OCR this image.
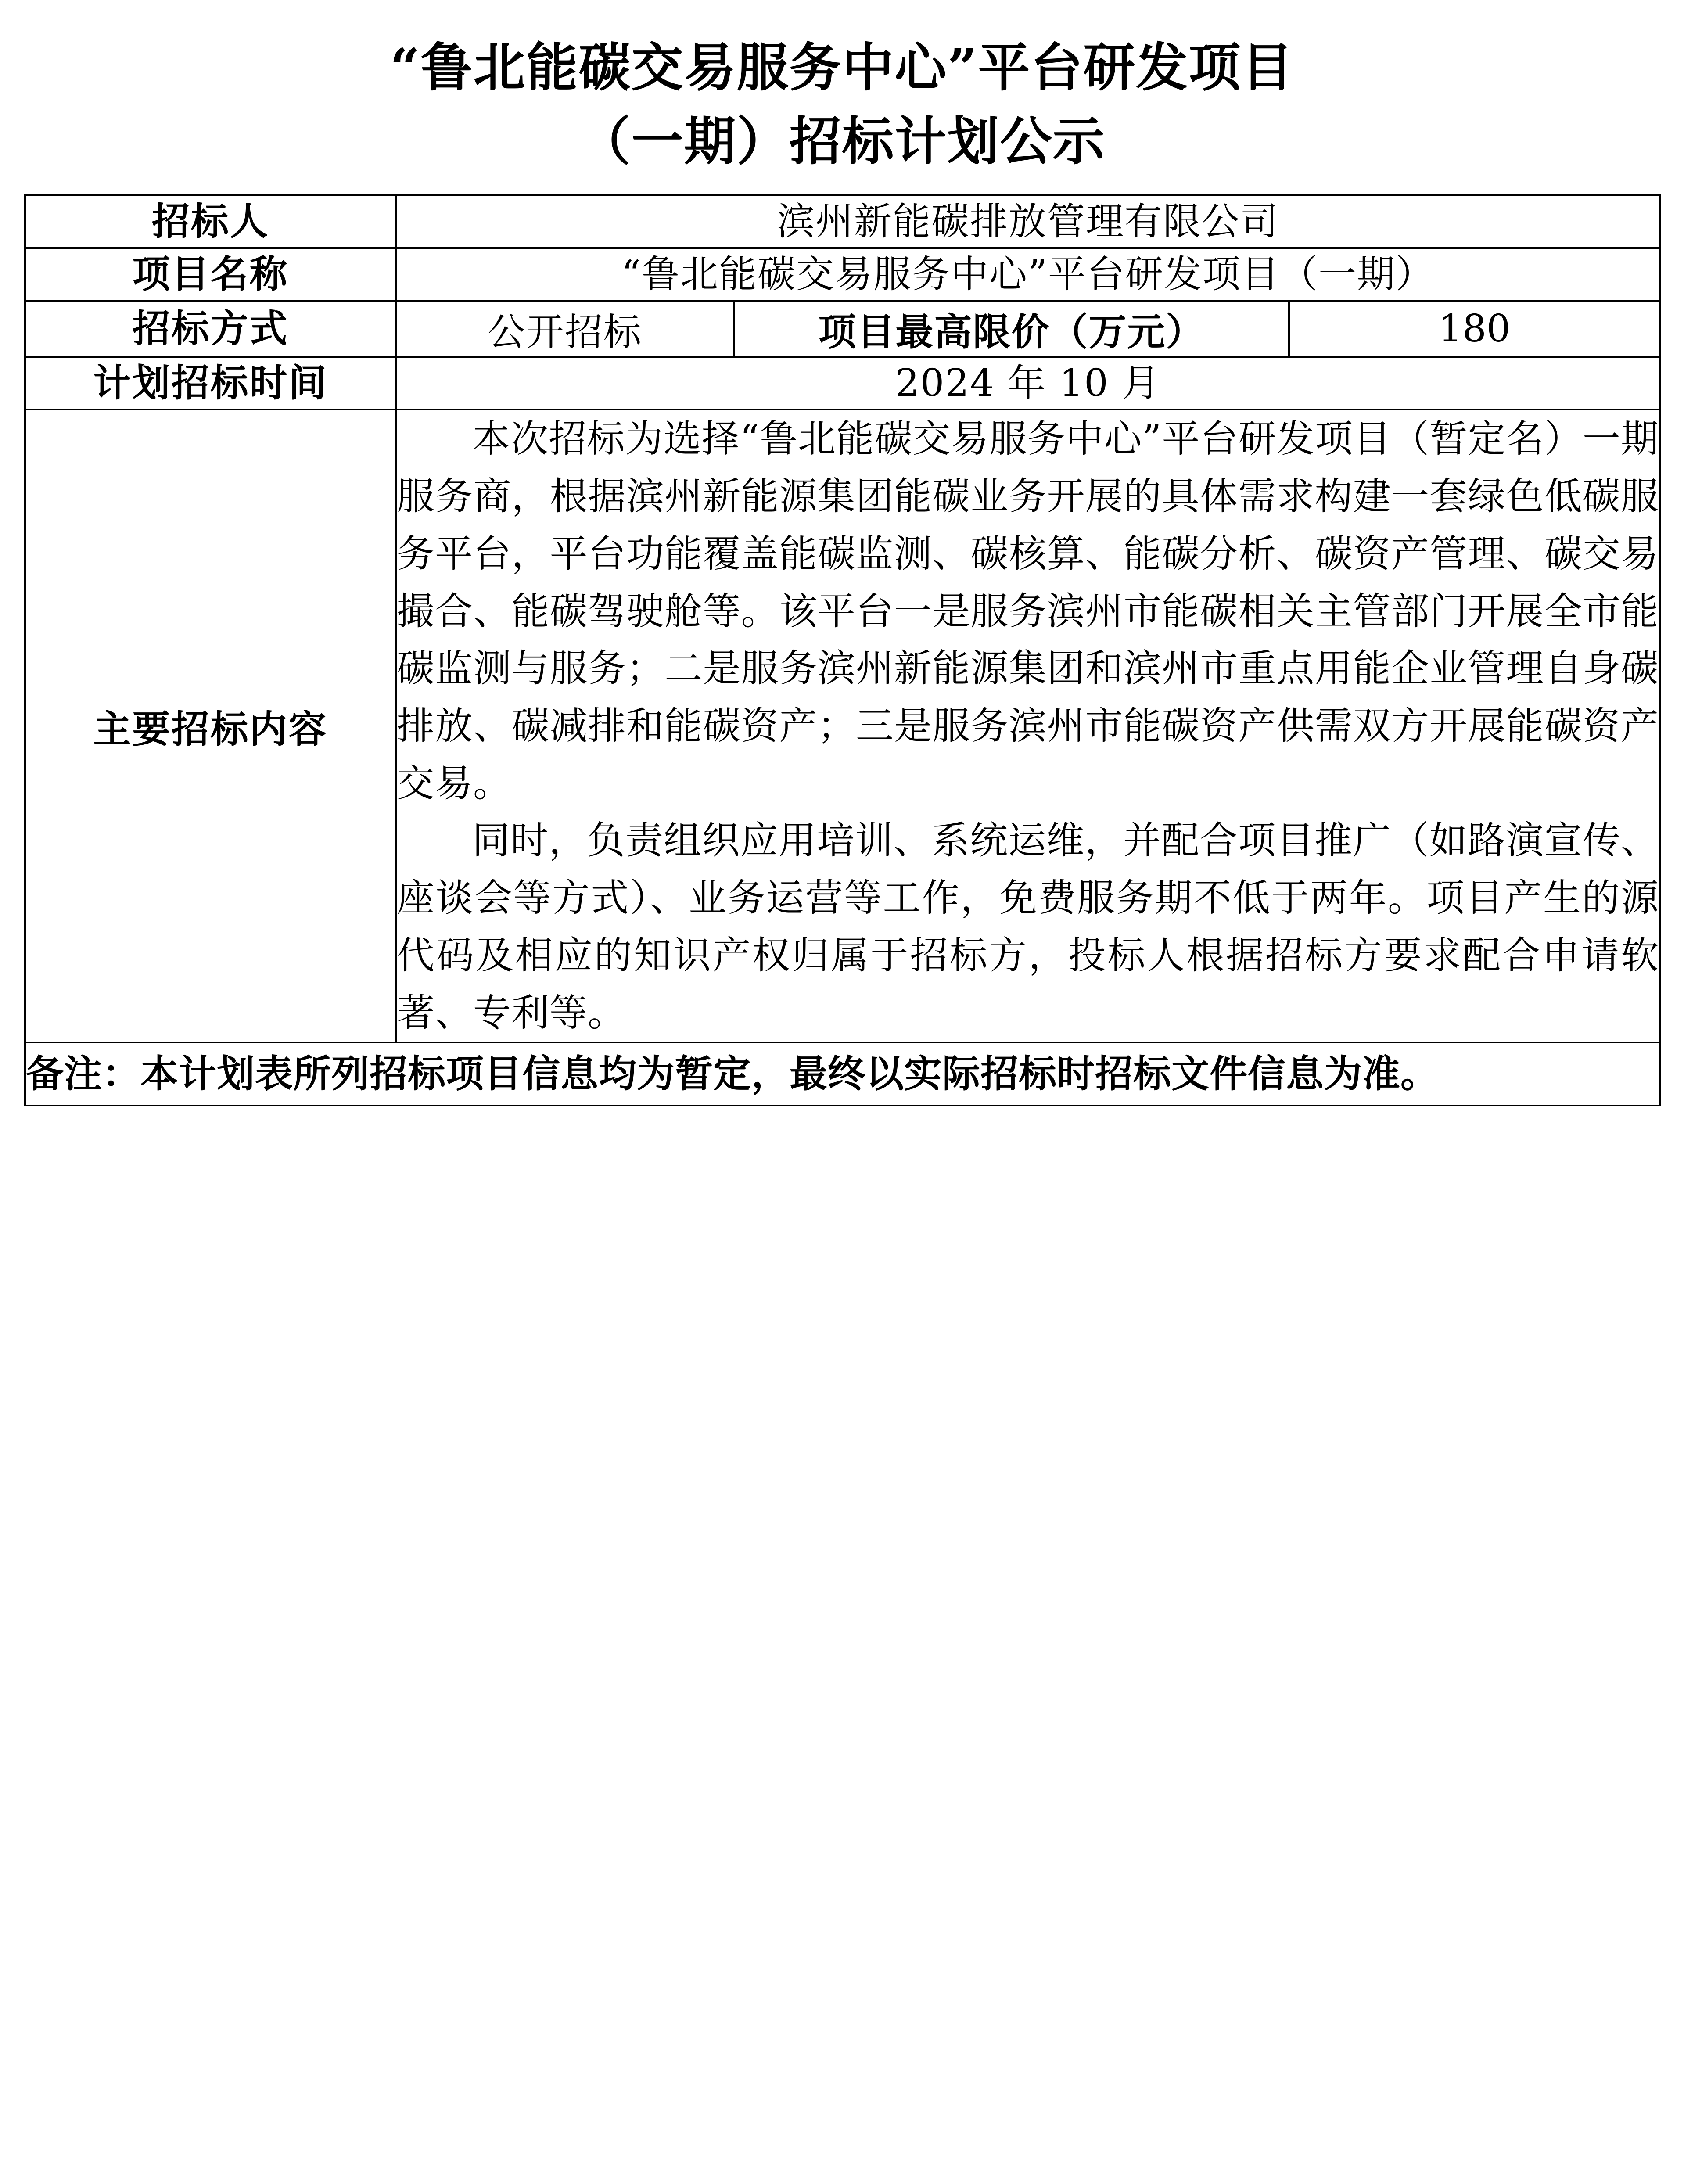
“鲁北能碳交易服务中心”平台研发项目
（一期）招标计划公示
招标人	滨州新能碳排放管理有限公司		
项目名称	“鲁北能碳交易服务中心”平台研发项目（一期）		
招标方式	公开招标	项目最高限价（万元）	180
计划招标时间	2024 年 10 月		
主要招标内容	本次招标为选择“鲁北能碳交易服务中心”平台研发项目（暂定名）一期服务商，根据滨州新能源集团能碳业务开展的具体需求构建一套绿色低碳服务平台，平台功能覆盖能碳监测、碳核算、能碳分析、碳资产管理、碳交易撮合、能碳驾驶舱等。该平台一是服务滨州市能碳相关主管部门开展全市能碳监测与服务；二是服务滨州新能源集团和滨州市重点用能企业管理自身碳排放、碳减排和能碳资产；三是服务滨州市能碳资产供需双方开展能碳资产交易。

同时，负责组织应用培训、系统运维，并配合项目推广（如路演宣传、座谈会等方式）、业务运营等工作，免费服务期不低于两年。项目产生的源代码及相应的知识产权归属于招标方，投标人根据招标方要求配合申请软著、专利等。		

备注：本计划表所列招标项目信息均为暂定，最终以实际招标时招标文件信息为准。			
